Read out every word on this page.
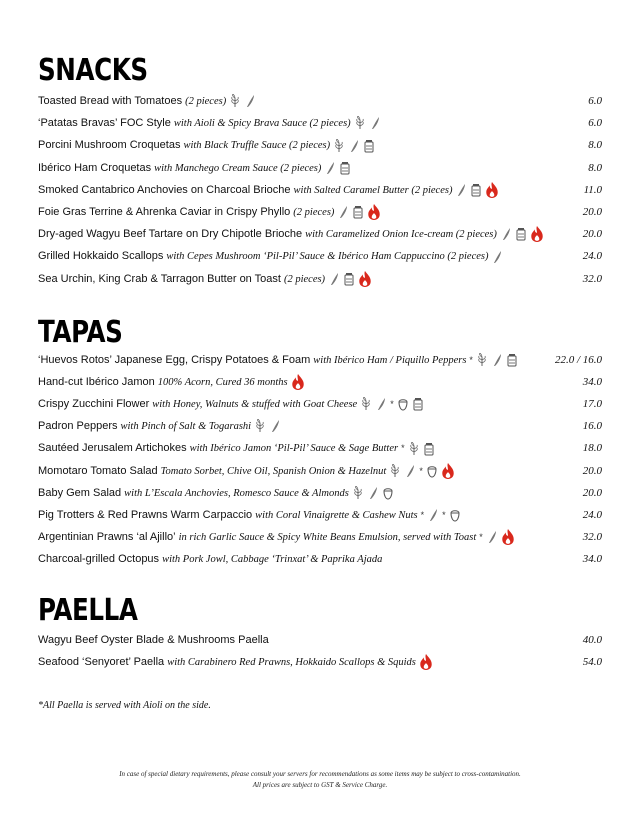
SNACKS
Toasted Bread with Tomatoes (2 pieces)	6.0
‘Patatas Bravas’ FOC Style with Aioli & Spicy Brava Sauce (2 pieces)	6.0
Porcini Mushroom Croquetas with Black Truffle Sauce (2 pieces)	8.0
Ibérico Ham Croquetas with Manchego Cream Sauce (2 pieces)	8.0
Smoked Cantabrico Anchovies on Charcoal Brioche with Salted Caramel Butter (2 pieces)	11.0
Foie Gras Terrine & Ahrenka Caviar in Crispy Phyllo (2 pieces)	20.0
Dry-aged Wagyu Beef Tartare on Dry Chipotle Brioche with Caramelized Onion Ice-cream (2 pieces)	20.0
Grilled Hokkaido Scallops with Cepes Mushroom ‘Pil-Pil’ Sauce & Ibérico Ham Cappuccino (2 pieces)	24.0
Sea Urchin, King Crab & Tarragon Butter on Toast (2 pieces)	32.0
TAPAS
‘Huevos Rotos’ Japanese Egg, Crispy Potatoes & Foam with Ibérico Ham / Piquillo Peppers *	22.0 / 16.0
Hand-cut Ibérico Jamon 100% Acorn, Cured 36 months	34.0
Crispy Zucchini Flower with Honey, Walnuts & stuffed with Goat Cheese	*	17.0
Padron Peppers with Pinch of Salt & Togarashi	16.0
Sautéed Jerusalem Artichokes with Ibérico Jamon ‘Pil-Pil’ Sauce & Sage Butter *	18.0
Momotaro Tomato Salad Tomato Sorbet, Chive Oil, Spanish Onion & Hazelnut	*	20.0
Baby Gem Salad with L’Escala Anchovies, Romesco Sauce & Almonds	20.0
Pig Trotters & Red Prawns Warm Carpaccio with Coral Vinaigrette & Cashew Nuts * *	24.0
Argentinian Prawns ‘al Ajillo’ in rich Garlic Sauce & Spicy White Beans Emulsion, served with Toast *	32.0
Charcoal-grilled Octopus with Pork Jowl, Cabbage ‘Trinxat’ & Paprika Ajada	34.0
PAELLA
Wagyu Beef Oyster Blade & Mushrooms Paella	40.0
Seafood ‘Senyoret’ Paella with Carabinero Red Prawns, Hokkaido Scallops & Squids	54.0
*All Paella is served with Aioli on the side.
In case of special dietary requirements, please consult your servers for recommendations as some items may be subject to cross-contamination.
All prices are subject to GST & Service Charge.
